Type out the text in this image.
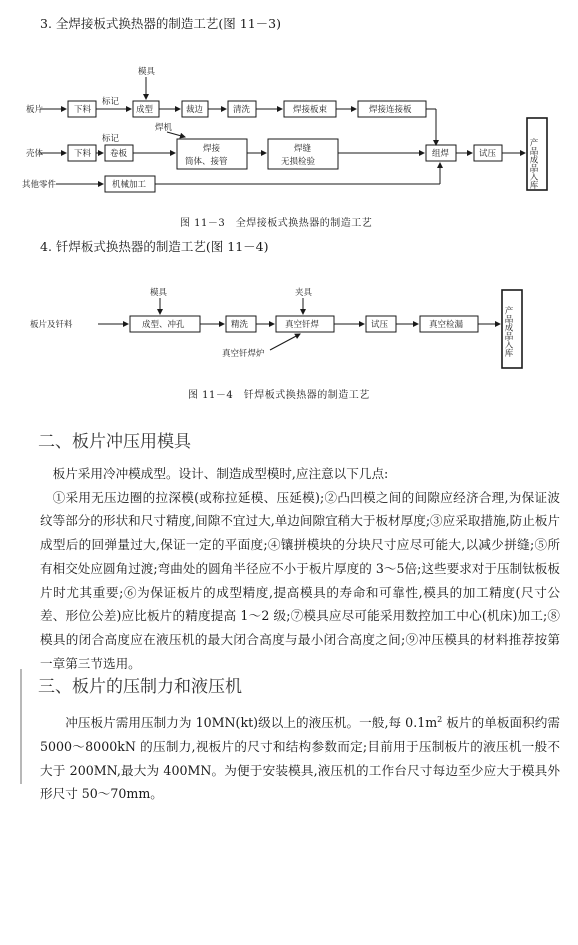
3. 全焊接板式换热器的制造工艺(图 11－3)
模具
标记
板片	下料	成型	裁边	清洗	焊接板束	焊接连接板
焊机
标记
壳体	下料 卷板	焊接
筒体、接管
焊缝
无损检验
组焊	试压
其他零件	机械加工	产品成品入库
图 11－3　全焊接板式换热器的制造工艺
4. 钎焊板式换热器的制造工艺(图 11－4)
模具	夹具
板片及钎料	成型、冲孔	精洗	真空钎焊	试压	真空检漏
真空钎焊炉	产品成品入库
图 11－4　钎焊板式换热器的制造工艺
二、板片冲压用模具

板片采用冷冲模成型。设计、制造成型模时,应注意以下几点:

①采用无压边圈的拉深模(或称拉延模、压延模);②凸凹模之间的间隙应经济合理,为保证波纹等部分的形状和尺寸精度,间隙不宜过大,单边间隙宜稍大于板材厚度;③应采取措施,防止板片成型后的回弹量过大,保证一定的平面度;④镶拼模块的分块尺寸应尽可能大,以减少拼缝;⑤所有相交处应圆角过渡;弯曲处的圆角半径应不小于板片厚度的 3～5倍;这些要求对于压制钛板板片时尤其重要;⑥为保证板片的成型精度,提高模具的寿命和可靠性,模具的加工精度(尺寸公差、形位公差)应比板片的精度提高 1～2 级;⑦模具应尽可能采用数控加工中心(机床)加工;⑧模具的闭合高度应在液压机的最大闭合高度与最小闭合高度之间;⑨冲压模具的材料推荐按第一章第三节选用。

三、板片的压制力和液压机

冲压板片需用压制力为 10MN(kt)级以上的液压机。一般,每 $0.1m^2$ 板片的单板面积约需 5000～8000kN 的压制力,视板片的尺寸和结构参数而定;目前用于压制板片的液压机一般不大于 200MN,最大为 400MN。为便于安装模具,液压机的工作台尺寸每边至少应大于模具外形尺寸 50～70mm。
